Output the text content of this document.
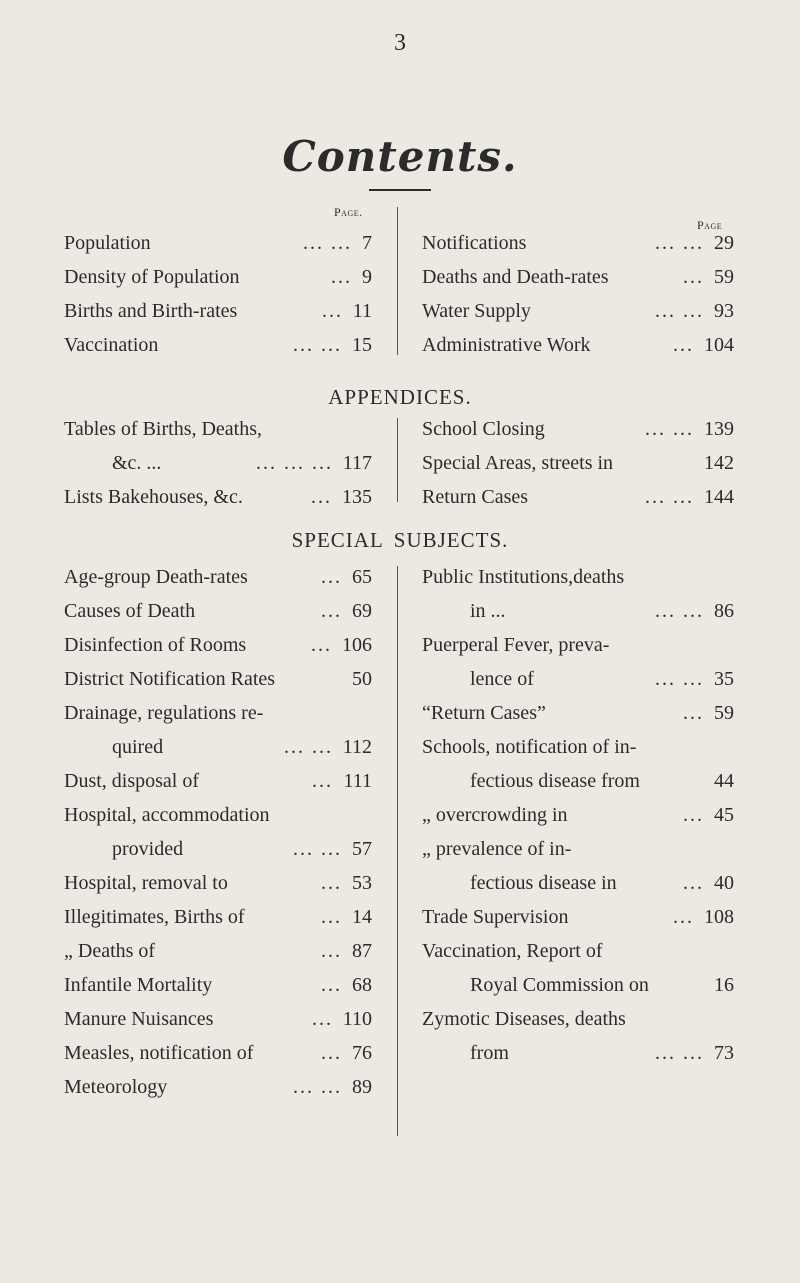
3
Contents.
Page.
Page
Population	... ... 7
Density of Population	... 9
Births and Birth-rates	... 11
Vaccination	... ... 15
Notifications	... ... 29
Deaths and Death-rates	... 59
Water Supply	... ... 93
Administrative Work	... 104
APPENDICES.
Tables of Births, Deaths,
&c. ...	... ... ... 117
Lists Bakehouses, &c.	... 135
School Closing	... ... 139
Special Areas, streets in	142
Return Cases	... ... 144
SPECIAL SUBJECTS.
Age-group Death-rates	... 65
Causes of Death	... 69
Disinfection of Rooms	... 106
District Notification Rates	50
Drainage, regulations re-
quired	... ... 112
Dust, disposal of	... 111
Hospital, accommodation
provided	... ... 57
Hospital, removal to	... 53
Illegitimates, Births of	... 14
„ Deaths of	... 87
Infantile Mortality	... 68
Manure Nuisances	... 110
Measles, notification of	... 76
Meteorology	... ... 89
Public Institutions,deaths
in ...	... ... 86
Puerperal Fever, preva-
lence of	... ... 35
“Return Cases”	... 59
Schools, notification of in-
fectious disease from	44
„ overcrowding in	... 45
„ prevalence of in-
fectious disease in	... 40
Trade Supervision	... 108
Vaccination, Report of
Royal Commission on	16
Zymotic Diseases, deaths
from	... ... 73
